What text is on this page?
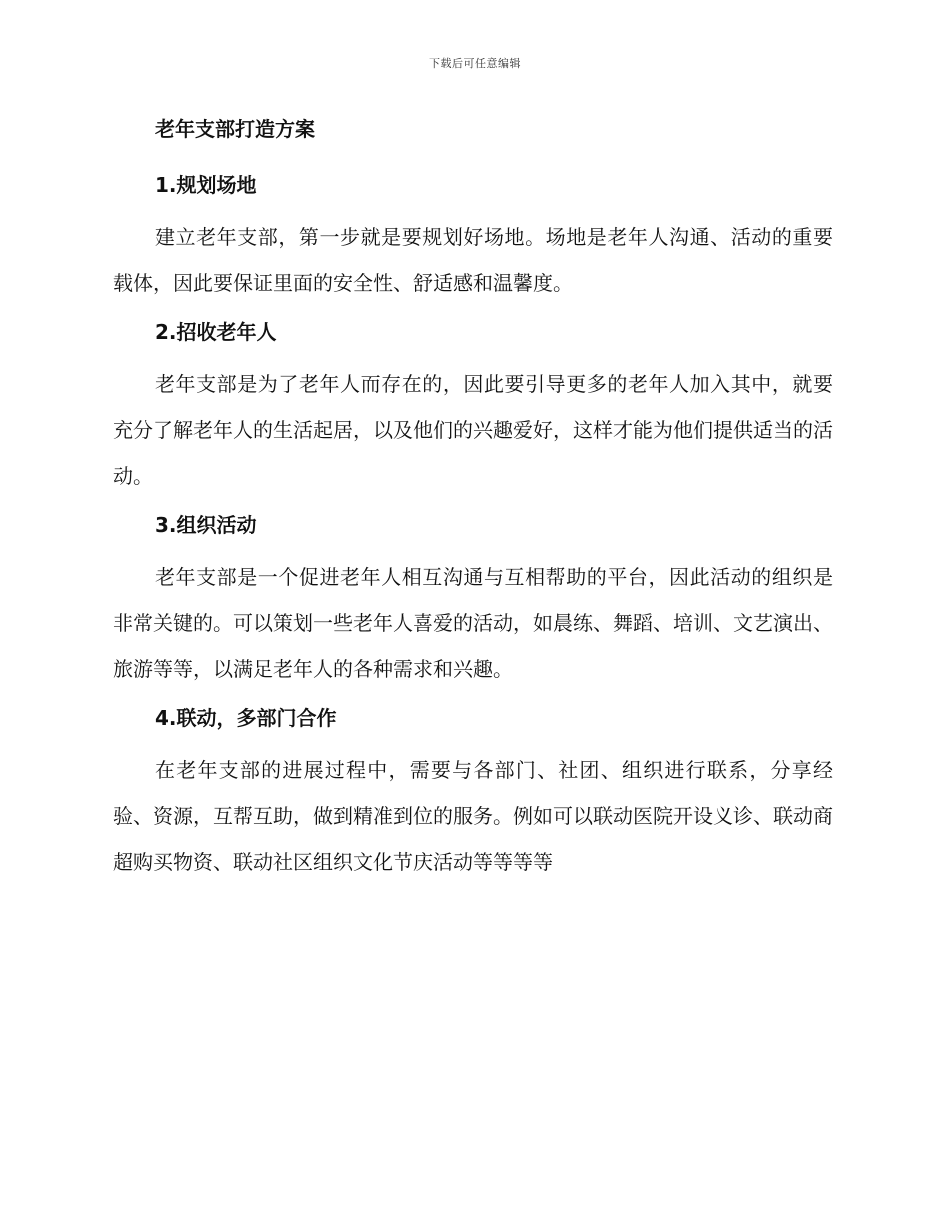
下载后可任意编辑
老年支部打造方案
1.规划场地

建立老年支部，第一步就是要规划好场地。场地是老年人沟通、活动的重要载体，因此要保证里面的安全性、舒适感和温馨度。

2.招收老年人

老年支部是为了老年人而存在的，因此要引导更多的老年人加入其中，就要充分了解老年人的生活起居，以及他们的兴趣爱好，这样才能为他们提供适当的活动。

3.组织活动

老年支部是一个促进老年人相互沟通与互相帮助的平台，因此活动的组织是非常关键的。可以策划一些老年人喜爱的活动，如晨练、舞蹈、培训、文艺演出、旅游等等，以满足老年人的各种需求和兴趣。

4.联动，多部门合作

在老年支部的进展过程中，需要与各部门、社团、组织进行联系，分享经验、资源，互帮互助，做到精准到位的服务。例如可以联动医院开设义诊、联动商超购买物资、联动社区组织文化节庆活动等等等等
